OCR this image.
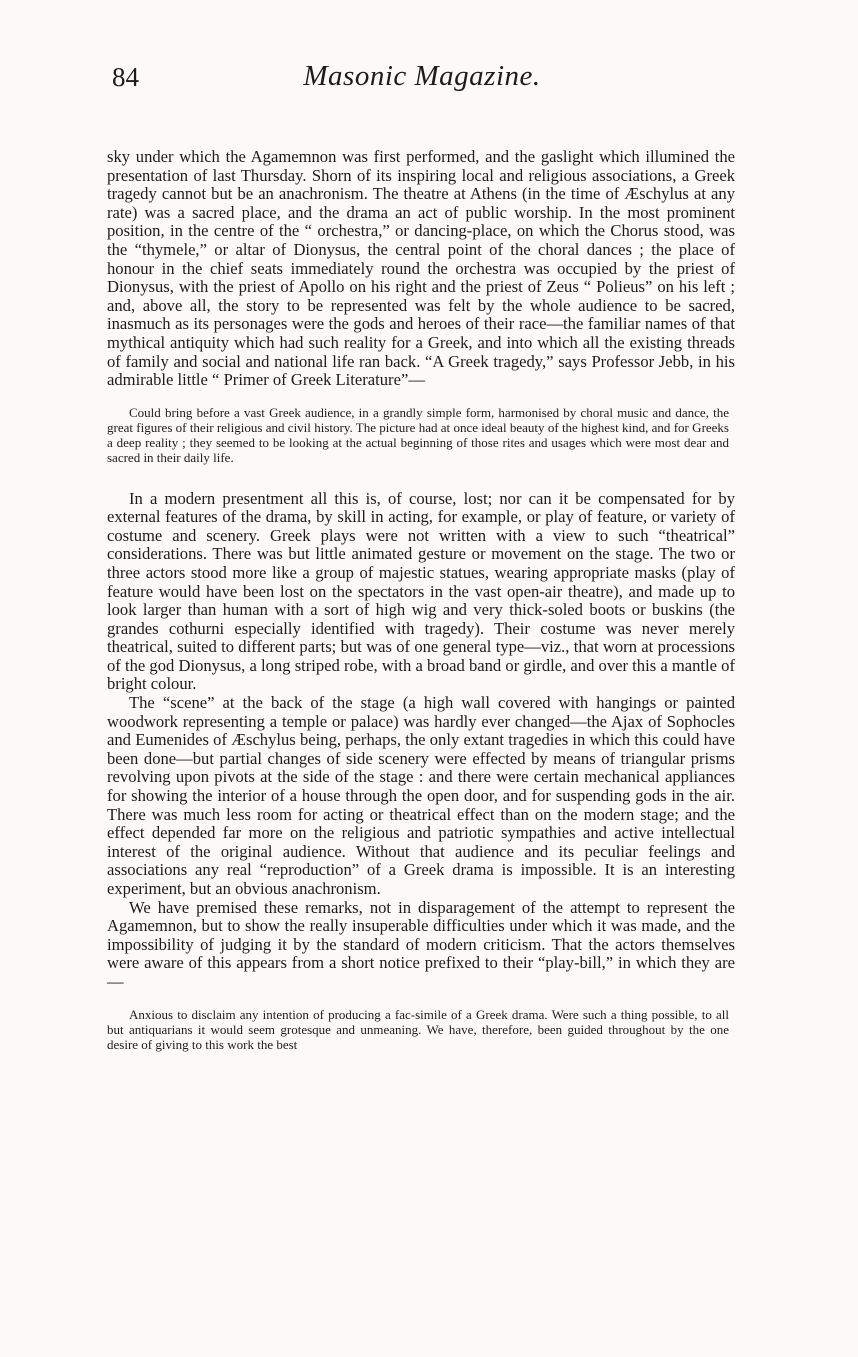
84	Masonic Magazine.

sky under which the Agamemnon was first performed, and the gaslight which illumined the presentation of last Thursday. Shorn of its inspiring local and religious associations, a Greek tragedy cannot but be an anachronism. The theatre at Athens (in the time of Æschylus at any rate) was a sacred place, and the drama an act of public worship. In the most prominent position, in the centre of the “ orchestra,” or dancing-place, on which the Chorus stood, was the “thymele,” or altar of Dionysus, the central point of the choral dances ; the place of honour in the chief seats immediately round the orchestra was occupied by the priest of Dionysus, with the priest of Apollo on his right and the priest of Zeus “ Polieus” on his left ; and, above all, the story to be represented was felt by the whole audience to be sacred, inasmuch as its personages were the gods and heroes of their race—the familiar names of that mythical antiquity which had such reality for a Greek, and into which all the existing threads of family and social and national life ran back. “A Greek tragedy,” says Professor Jebb, in his admirable little “ Primer of Greek Literature”—

Could bring before a vast Greek audience, in a grandly simple form, harmonised by choral music and dance, the great figures of their religious and civil history. The picture had at once ideal beauty of the highest kind, and for Greeks a deep reality ; they seemed to be looking at the actual beginning of those rites and usages which were most dear and sacred in their daily life.

In a modern presentment all this is, of course, lost; nor can it be compensated for by external features of the drama, by skill in acting, for example, or play of feature, or variety of costume and scenery. Greek plays were not written with a view to such “theatrical” considerations. There was but little animated gesture or movement on the stage. The two or three actors stood more like a group of majestic statues, wearing appropriate masks (play of feature would have been lost on the spectators in the vast open-air theatre), and made up to look larger than human with a sort of high wig and very thick-soled boots or buskins (the grandes cothurni especially identified with tragedy). Their costume was never merely theatrical, suited to different parts; but was of one general type—viz., that worn at processions of the god Dionysus, a long striped robe, with a broad band or girdle, and over this a mantle of bright colour.

The “scene” at the back of the stage (a high wall covered with hangings or painted woodwork representing a temple or palace) was hardly ever changed—the Ajax of Sophocles and Eumenides of Æschylus being, perhaps, the only extant tragedies in which this could have been done—but partial changes of side scenery were effected by means of triangular prisms revolving upon pivots at the side of the stage : and there were certain mechanical appliances for showing the interior of a house through the open door, and for suspending gods in the air. There was much less room for acting or theatrical effect than on the modern stage; and the effect depended far more on the religious and patriotic sympathies and active intellectual interest of the original audience. Without that audience and its peculiar feelings and associations any real “reproduction” of a Greek drama is impossible. It is an interesting experiment, but an obvious anachronism.

We have premised these remarks, not in disparagement of the attempt to represent the Agamemnon, but to show the really insuperable difficulties under which it was made, and the impossibility of judging it by the standard of modern criticism. That the actors themselves were aware of this appears from a short notice prefixed to their “play-bill,” in which they are—

Anxious to disclaim any intention of producing a fac-simile of a Greek drama. Were such a thing possible, to all but antiquarians it would seem grotesque and unmeaning. We have, therefore, been guided throughout by the one desire of giving to this work the best
